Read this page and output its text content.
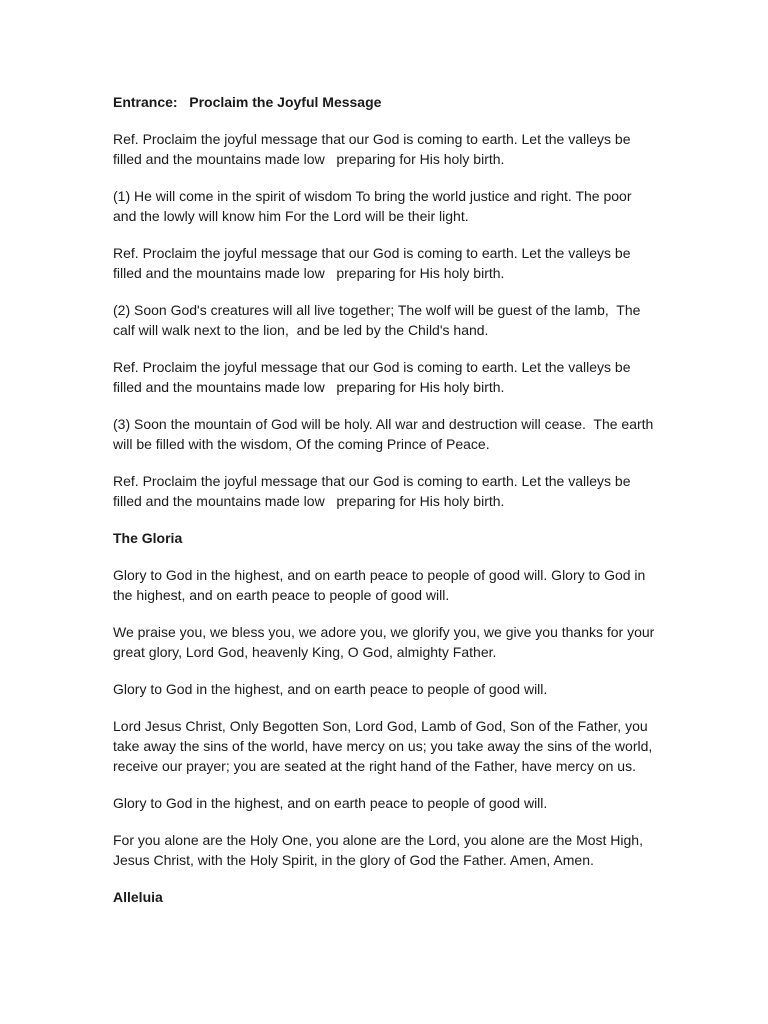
Entrance:   Proclaim the Joyful Message
Ref. Proclaim the joyful message that our God is coming to earth. Let the valleys be
filled and the mountains made low   preparing for His holy birth.
(1) He will come in the spirit of wisdom To bring the world justice and right. The poor
and the lowly will know him For the Lord will be their light.
Ref. Proclaim the joyful message that our God is coming to earth. Let the valleys be
filled and the mountains made low   preparing for His holy birth.
(2) Soon God's creatures will all live together; The wolf will be guest of the lamb,  The
calf will walk next to the lion,  and be led by the Child's hand.
Ref. Proclaim the joyful message that our God is coming to earth. Let the valleys be
filled and the mountains made low   preparing for His holy birth.
(3) Soon the mountain of God will be holy. All war and destruction will cease.  The earth
will be filled with the wisdom, Of the coming Prince of Peace.
Ref. Proclaim the joyful message that our God is coming to earth. Let the valleys be
filled and the mountains made low   preparing for His holy birth.
The Gloria
Glory to God in the highest, and on earth peace to people of good will. Glory to God in
the highest, and on earth peace to people of good will.
We praise you, we bless you, we adore you, we glorify you, we give you thanks for your
great glory, Lord God, heavenly King, O God, almighty Father.
Glory to God in the highest, and on earth peace to people of good will.
Lord Jesus Christ, Only Begotten Son, Lord God, Lamb of God, Son of the Father, you
take away the sins of the world, have mercy on us; you take away the sins of the world,
receive our prayer; you are seated at the right hand of the Father, have mercy on us.
Glory to God in the highest, and on earth peace to people of good will.
For you alone are the Holy One, you alone are the Lord, you alone are the Most High,
Jesus Christ, with the Holy Spirit, in the glory of God the Father. Amen, Amen.
Alleluia
